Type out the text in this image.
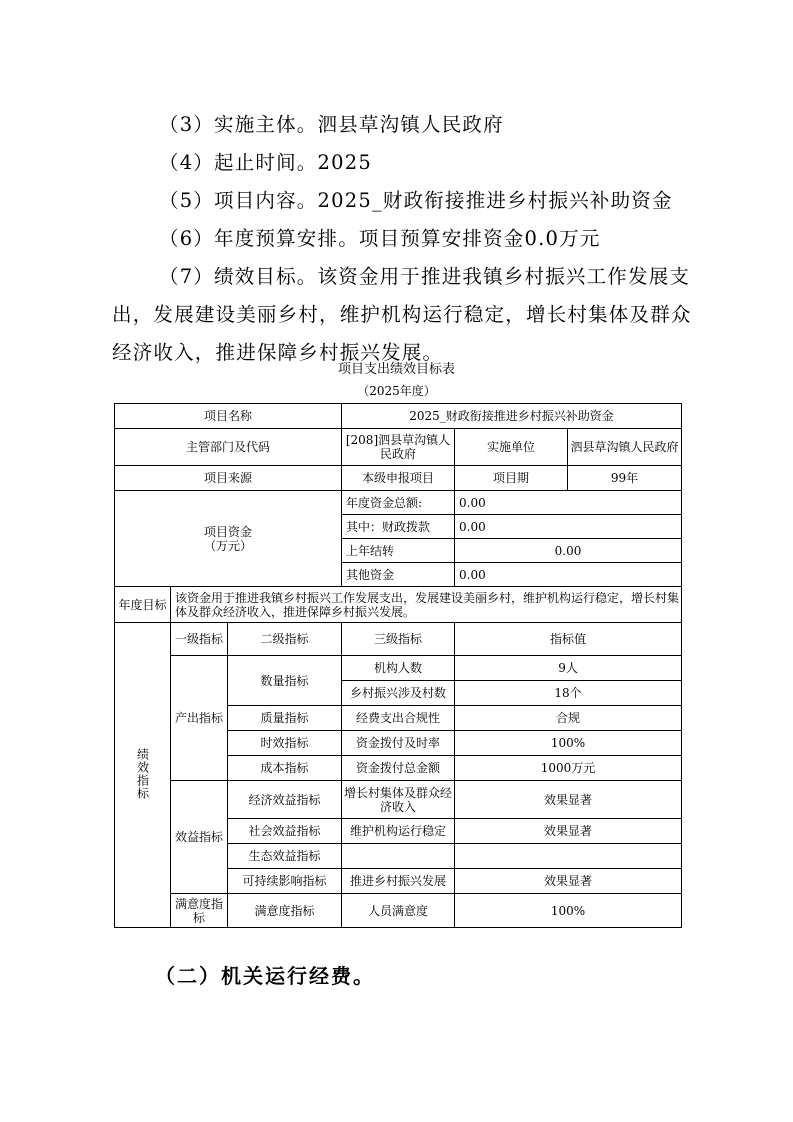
（3）实施主体。泗县草沟镇人民政府

（4）起止时间。2025

（5）项目内容。2025_财政衔接推进乡村振兴补助资金

（6）年度预算安排。项目预算安排资金0.0万元

（7）绩效目标。该资金用于推进我镇乡村振兴工作发展支出，发展建设美丽乡村，维护机构运行稳定，增长村集体及群众经济收入，推进保障乡村振兴发展。

项目支出绩效目标表
（2025年度）
项目名称			2025_财政衔接推进乡村振兴补助资金		
主管部门及代码			[208]泗县草沟镇人民政府	实施单位	泗县草沟镇人民政府
项目来源			本级申报项目	项目期	99年

项目资金
（万元）			年度资金总额:	0.00	
			其中：财政拨款	0.00	
			上年结转	0.00	
			其他资金	0.00	
年度目标	该资金用于推进我镇乡村振兴工作发展支出，发展建设美丽乡村，维护机构运行稳定，增长村集体及群众经济收入，推进保障乡村振兴发展。				
绩效指标	一级指标	二级指标	三级指标	指标值	
	产出指标	数量指标	机构人数	9人	
			乡村振兴涉及村数	18个	
		质量指标	经费支出合规性	合规	
		时效指标	资金拨付及时率	100%	
		成本指标	资金拨付总金额	1000万元	
	效益指标	经济效益指标	增长村集体及群众经济收入	效果显著	
		社会效益指标	维护机构运行稳定	效果显著	
		生态效益指标			
		可持续影响指标	推进乡村振兴发展	效果显著	
	满意度指标	满意度指标	人员满意度	100%	
（二）机关运行经费。
